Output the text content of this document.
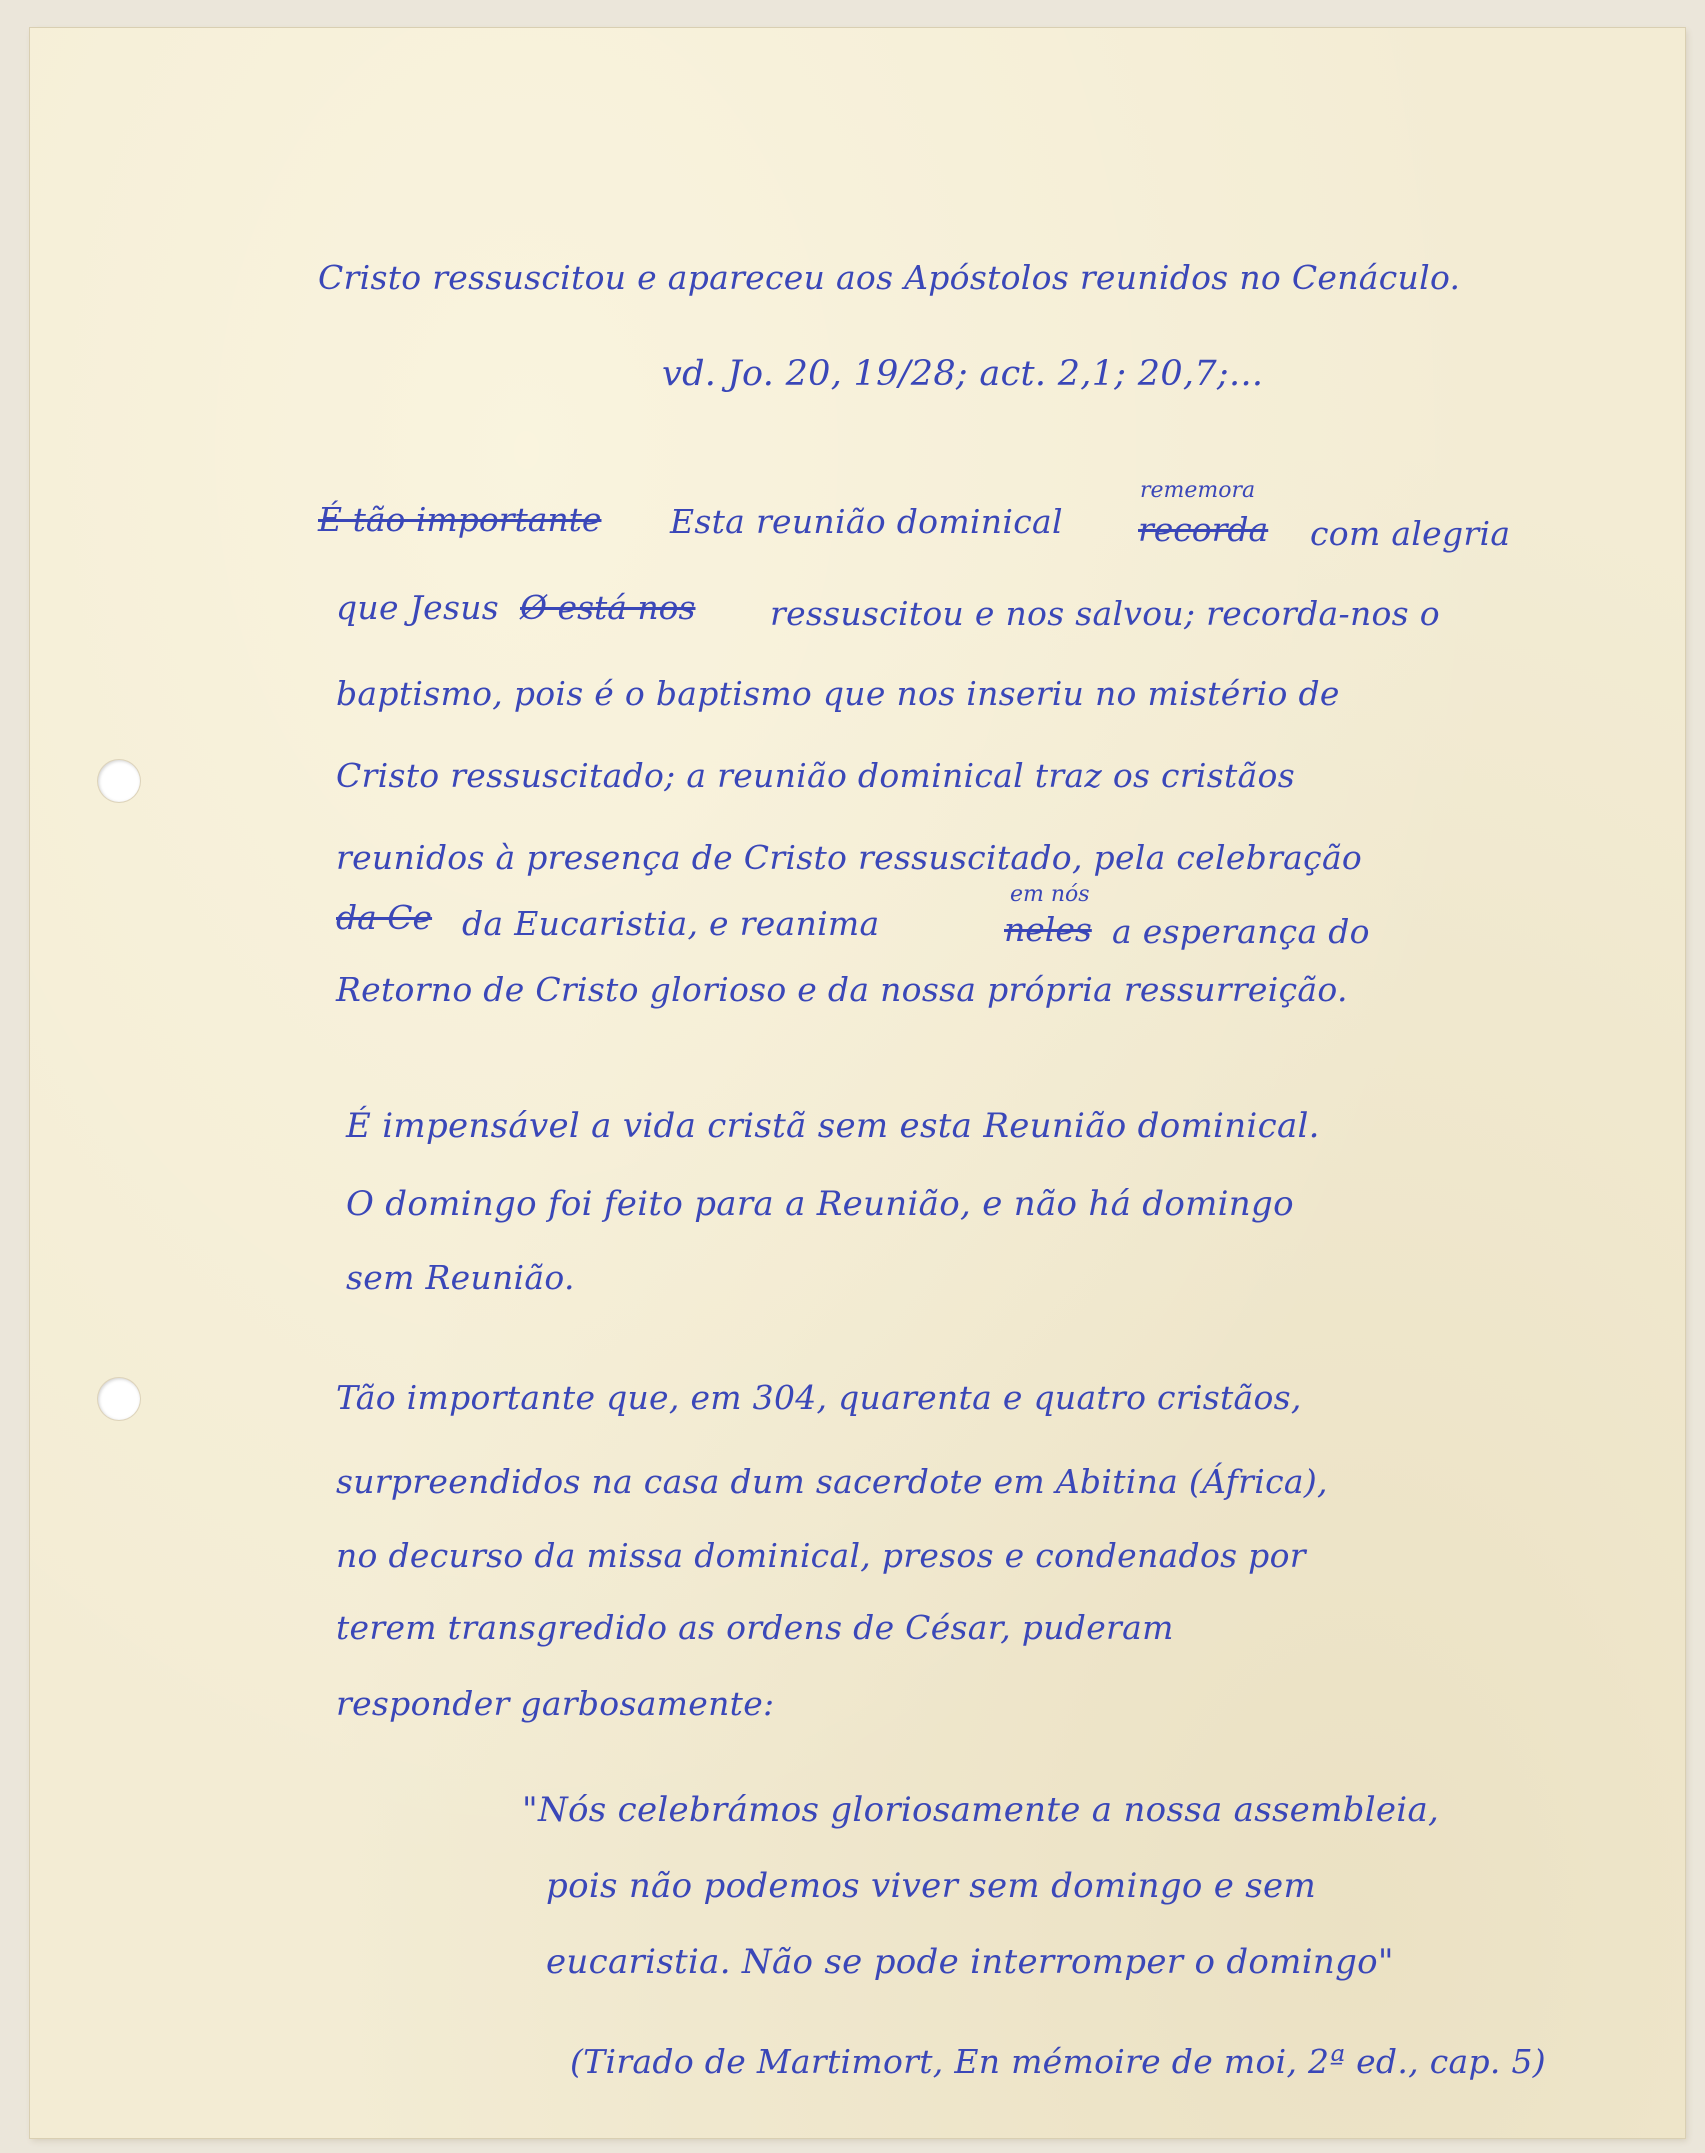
Cristo ressuscitou e apareceu aos Apóstolos reunidos no Cenáculo.

vd. Jo. 20, 19/28; act. 2,1; 20,7;...

É tão importante Esta reunião dominical

rememora

recorda com alegria

que Jesus Ø está nos ressuscitou e nos salvou; recorda-nos o

baptismo, pois é o baptismo que nos inseriu no mistério de

Cristo ressuscitado; a reunião dominical traz os cristãos

reunidos à presença de Cristo ressuscitado, pela celebração

da Ce da Eucaristia, e reanima

em nós

neles a esperança do

Retorno de Cristo glorioso e da nossa própria ressurreição.

É impensável a vida cristã sem esta Reunião dominical.

O domingo foi feito para a Reunião, e não há domingo

sem Reunião.

Tão importante que, em 304, quarenta e quatro cristãos,

surpreendidos na casa dum sacerdote em Abitina (África),

no decurso da missa dominical, presos e condenados por

terem transgredido as ordens de César, puderam

responder garbosamente:

"Nós celebrámos gloriosamente a nossa assembleia,

pois não podemos viver sem domingo e sem

eucaristia. Não se pode interromper o domingo"

(Tirado de Martimort, En mémoire de moi, 2ª ed., cap. 5)
